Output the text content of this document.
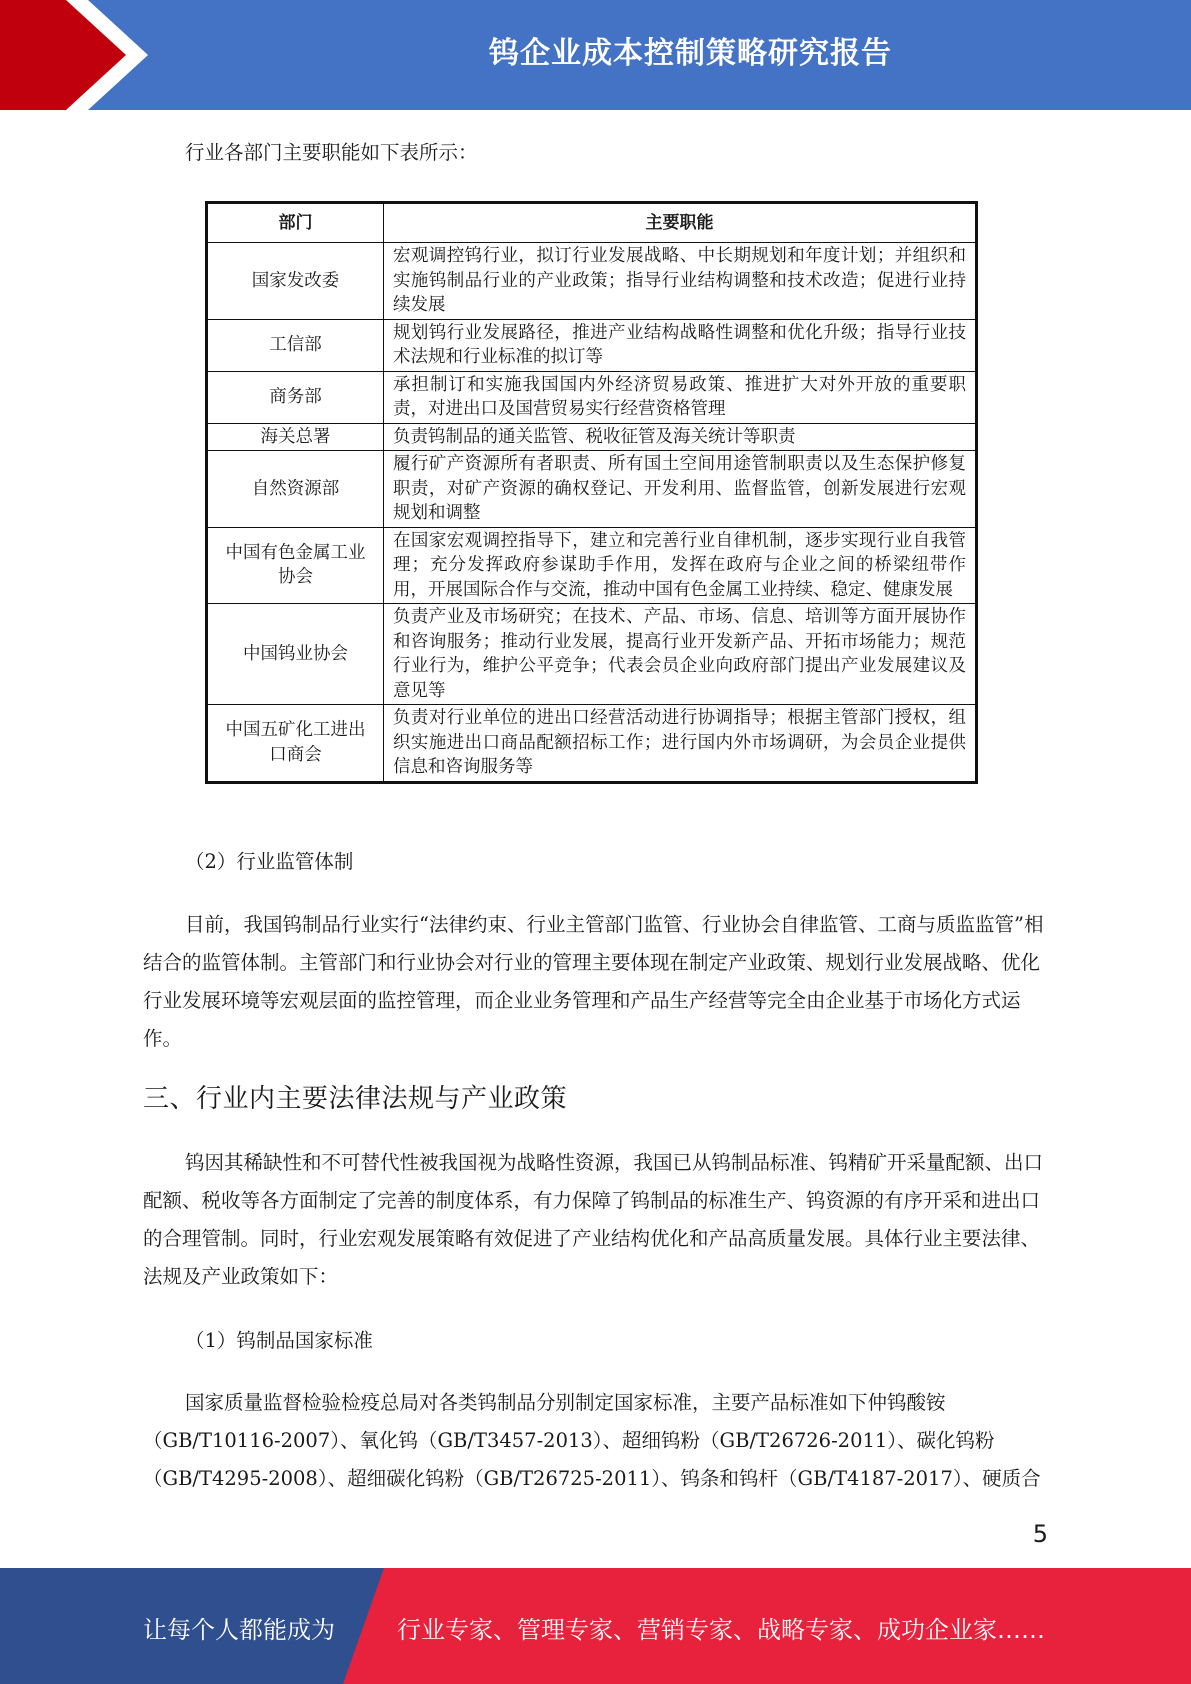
钨企业成本控制策略研究报告
行业各部门主要职能如下表所示：
部门	主要职能
国家发改委	宏观调控钨行业，拟订行业发展战略、中长期规划和年度计划；并组织和实施钨制品行业的产业政策；指导行业结构调整和技术改造；促进行业持续发展
工信部	规划钨行业发展路径，推进产业结构战略性调整和优化升级；指导行业技术法规和行业标准的拟订等
商务部	承担制订和实施我国国内外经济贸易政策、推进扩大对外开放的重要职责，对进出口及国营贸易实行经营资格管理
海关总署	负责钨制品的通关监管、税收征管及海关统计等职责
自然资源部	履行矿产资源所有者职责、所有国土空间用途管制职责以及生态保护修复职责，对矿产资源的确权登记、开发利用、监督监管，创新发展进行宏观规划和调整
中国有色金属工业协会	在国家宏观调控指导下，建立和完善行业自律机制，逐步实现行业自我管理；充分发挥政府参谋助手作用，发挥在政府与企业之间的桥梁纽带作用，开展国际合作与交流，推动中国有色金属工业持续、稳定、健康发展
中国钨业协会	负责产业及市场研究；在技术、产品、市场、信息、培训等方面开展协作和咨询服务；推动行业发展，提高行业开发新产品、开拓市场能力；规范行业行为，维护公平竞争；代表会员企业向政府部门提出产业发展建议及意见等
中国五矿化工进出口商会	负责对行业单位的进出口经营活动进行协调指导；根据主管部门授权，组织实施进出口商品配额招标工作；进行国内外市场调研，为会员企业提供信息和咨询服务等
（2）行业监管体制
目前，我国钨制品行业实行“法律约束、行业主管部门监管、行业协会自律监管、工商与质监监管”相结合的监管体制。主管部门和行业协会对行业的管理主要体现在制定产业政策、规划行业发展战略、优化行业发展环境等宏观层面的监控管理，而企业业务管理和产品生产经营等完全由企业基于市场化方式运作。
三、行业内主要法律法规与产业政策
钨因其稀缺性和不可替代性被我国视为战略性资源，我国已从钨制品标准、钨精矿开采量配额、出口配额、税收等各方面制定了完善的制度体系，有力保障了钨制品的标准生产、钨资源的有序开采和进出口的合理管制。同时，行业宏观发展策略有效促进了产业结构优化和产品高质量发展。具体行业主要法律、法规及产业政策如下：
（1）钨制品国家标准
国家质量监督检验检疫总局对各类钨制品分别制定国家标准，主要产品标准如下仲钨酸铵（GB/T10116-2007）、氧化钨（GB/T3457-2013）、超细钨粉（GB/T26726-2011）、碳化钨粉（GB/T4295-2008）、超细碳化钨粉（GB/T26725-2011）、钨条和钨杆（GB/T4187-2017）、硬质合
5
让每个人都能成为	行业专家、管理专家、营销专家、战略专家、成功企业家……
